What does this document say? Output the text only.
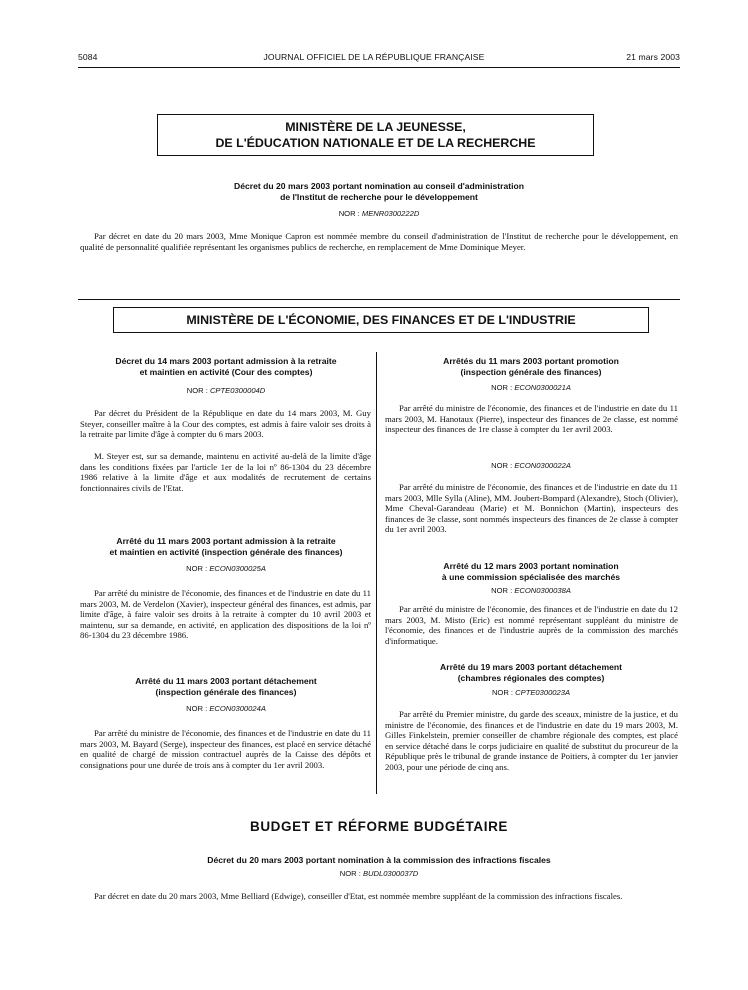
5084	JOURNAL OFFICIEL DE LA RÉPUBLIQUE FRANÇAISE	21 mars 2003
MINISTÈRE DE LA JEUNESSE,
DE L'ÉDUCATION NATIONALE ET DE LA RECHERCHE
Décret du 20 mars 2003 portant nomination au conseil d'administration
de l'Institut de recherche pour le développement
NOR : MENR0300222D

Par décret en date du 20 mars 2003, Mme Monique Capron est nommée membre du conseil d'administration de l'Institut de recherche pour le développement, en qualité de personnalité qualifiée représentant les organismes publics de recherche, en remplacement de Mme Dominique Meyer.

MINISTÈRE DE L'ÉCONOMIE, DES FINANCES ET DE L'INDUSTRIE
Décret du 14 mars 2003 portant admission à la retraite
et maintien en activité (Cour des comptes)
NOR : CPTE0300004D

Par décret du Président de la République en date du 14 mars 2003, M. Guy Steyer, conseiller maître à la Cour des comptes, est admis à faire valoir ses droits à la retraite par limite d'âge à compter du 6 mars 2003.

M. Steyer est, sur sa demande, maintenu en activité au-delà de la limite d'âge dans les conditions fixées par l'article 1er de la loi nº 86-1304 du 23 décembre 1986 relative à la limite d'âge et aux modalités de recrutement de certains fonctionnaires civils de l'Etat.

Arrêté du 11 mars 2003 portant admission à la retraite
et maintien en activité (inspection générale des finances)
NOR : ECON0300025A

Par arrêté du ministre de l'économie, des finances et de l'industrie en date du 11 mars 2003, M. de Verdelon (Xavier), inspecteur général des finances, est admis, par limite d'âge, à faire valoir ses droits à la retraite à compter du 10 avril 2003 et maintenu, sur sa demande, en activité, en application des dispositions de la loi nº 86-1304 du 23 décembre 1986.

Arrêté du 11 mars 2003 portant détachement
(inspection générale des finances)
NOR : ECON0300024A

Par arrêté du ministre de l'économie, des finances et de l'industrie en date du 11 mars 2003, M. Bayard (Serge), inspecteur des finances, est placé en service détaché en qualité de chargé de mission contractuel auprès de la Caisse des dépôts et consignations pour une durée de trois ans à compter du 1er avril 2003.

Arrêtés du 11 mars 2003 portant promotion
(inspection générale des finances)
NOR : ECON0300021A

Par arrêté du ministre de l'économie, des finances et de l'industrie en date du 11 mars 2003, M. Hanotaux (Pierre), inspecteur des finances de 2e classe, est nommé inspecteur des finances de 1re classe à compter du 1er avril 2003.

NOR : ECON0300022A

Par arrêté du ministre de l'économie, des finances et de l'industrie en date du 11 mars 2003, Mlle Sylla (Aline), MM. Joubert-Bompard (Alexandre), Stoch (Olivier), Mme Cheval-Garandeau (Marie) et M. Bonnichon (Martin), inspecteurs des finances de 3e classe, sont nommés inspecteurs des finances de 2e classe à compter du 1er avril 2003.

Arrêté du 12 mars 2003 portant nomination
à une commission spécialisée des marchés
NOR : ECON0300038A

Par arrêté du ministre de l'économie, des finances et de l'industrie en date du 12 mars 2003, M. Misto (Eric) est nommé représentant suppléant du ministre de l'économie, des finances et de l'industrie auprès de la commission des marchés d'informatique.

Arrêté du 19 mars 2003 portant détachement
(chambres régionales des comptes)
NOR : CPTE0300023A

Par arrêté du Premier ministre, du garde des sceaux, ministre de la justice, et du ministre de l'économie, des finances et de l'industrie en date du 19 mars 2003, M. Gilles Finkelstein, premier conseiller de chambre régionale des comptes, est placé en service détaché dans le corps judiciaire en qualité de substitut du procureur de la République près le tribunal de grande instance de Poitiers, à compter du 1er janvier 2003, pour une période de cinq ans.

BUDGET ET RÉFORME BUDGÉTAIRE
Décret du 20 mars 2003 portant nomination à la commission des infractions fiscales
NOR : BUDL0300037D

Par décret en date du 20 mars 2003, Mme Belliard (Edwige), conseiller d'Etat, est nommée membre suppléant de la commission des infractions fiscales.
